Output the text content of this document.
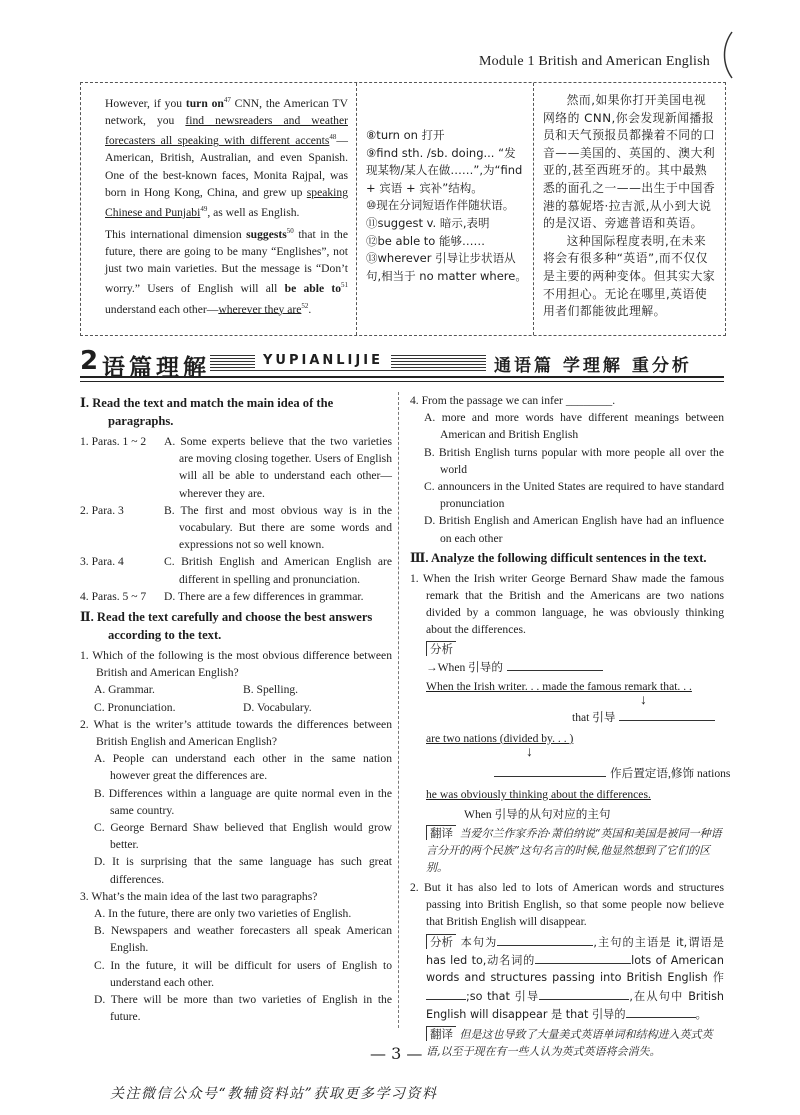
Module 1 British and American English

However, if you turn $on^{47}$ CNN, the American TV network, you find newsreaders and weather forecasters all speaking with different accents$^{48}$—American, British, Australian, and even Spanish. One of the best-known faces, Monita Rajpal, was born in Hong Kong, China, and grew up speaking Chinese and Punjabi$^{49}$, as well as English.

This international dimension suggests$^{50}$ that in the future, there are going to be many “Englishes”, not just two main varieties. But the message is “Don’t worry.” Users of English will all be able $to^{51}$ understand each other—wherever they are$^{52}$.

⑧turn on 打开

⑨find sth. /sb. doing... “发现某物/某人在做……”,为“find + 宾语 + 宾补”结构。

⑩现在分词短语作伴随状语。

⑪suggest v. 暗示,表明

⑫be able to 能够……

⑬wherever 引导让步状语从句,相当于 no matter where。

然而,如果你打开美国电视网络的 CNN,你会发现新闻播报员和天气预报员都操着不同的口音——美国的、英国的、澳大利亚的,甚至西班牙的。其中最熟悉的面孔之一——出生于中国香港的慕妮塔·拉吉派,从小到大说的是汉语、旁遮普语和英语。

这种国际程度表明,在未来将会有很多种“英语”,而不仅仅是主要的两种变体。但其实大家不用担心。无论在哪里,英语使用者们都能彼此理解。

2 语篇理解	YUPIANLIJIE	通语篇 学理解 重分析
Ⅰ. Read the text and match the main idea of the paragraphs.
1. Paras. 1 ~ 2	A. Some experts believe that the two varieties are moving closing together. Users of English will all be able to understand each other—wherever they are.
2. Para. 3	B. The first and most obvious way is in the vocabulary. But there are some words and expressions not so well known.
3. Para. 4	C. British English and American English are different in spelling and pronunciation.
4. Paras. 5 ~ 7	D. There are a few differences in grammar.
Ⅱ. Read the text carefully and choose the best answers according to the text.

1. Which of the following is the most obvious difference between British and American English?

A. Grammar.	B. Spelling.
C. Pronunciation.	D. Vocabulary.

2. What is the writer’s attitude towards the differences between British English and American English?

A. People can understand each other in the same nation however great the differences are.

B. Differences within a language are quite normal even in the same country.

C. George Bernard Shaw believed that English would grow better.

D. It is surprising that the same language has such great differences.

3. What’s the main idea of the last two paragraphs?

A. In the future, there are only two varieties of English.

B. Newspapers and weather forecasters all speak American English.

C. In the future, it will be difficult for users of English to understand each other.

D. There will be more than two varieties of English in the future.

4. From the passage we can infer ________.

A. more and more words have different meanings between American and British English

B. British English turns popular with more people all over the world

C. announcers in the United States are required to have standard pronunciation

D. British English and American English have had an influence on each other

Ⅲ. Analyze the following difficult sentences in the text.

1. When the Irish writer George Bernard Shaw made the famous remark that the British and the Americans are two nations divided by a common language, he was obviously thinking about the differences.

分析

→When 引导的
When the Irish writer. . . made the famous remark that. . .
↓
that 引导
are two nations (divided by. . . )
↓
作后置定语,修饰 nations
he was obviously thinking about the differences.

When 引导的从句对应的主句

翻译 当爱尔兰作家乔治·萧伯纳说“英国和美国是被同一种语言分开的两个民族”这句名言的时候,他显然想到了它们的区别。

2. But it has also led to lots of American words and structures passing into British English, so that some people now believe that British English will disappear.

分析 本句为	,主句的主语是 it,谓语是 has led to,动名词的	lots of American words and structures passing into British English 作;so that 引导	,在从句中 British English will disappear 是 that 引导的	。

翻译 但是这也导致了大量美式英语单词和结构进入英式英语,以至于现在有一些人认为英式英语将会消失。

— 3 —
关注微信公众号“教辅资料站”获取更多学习资料
